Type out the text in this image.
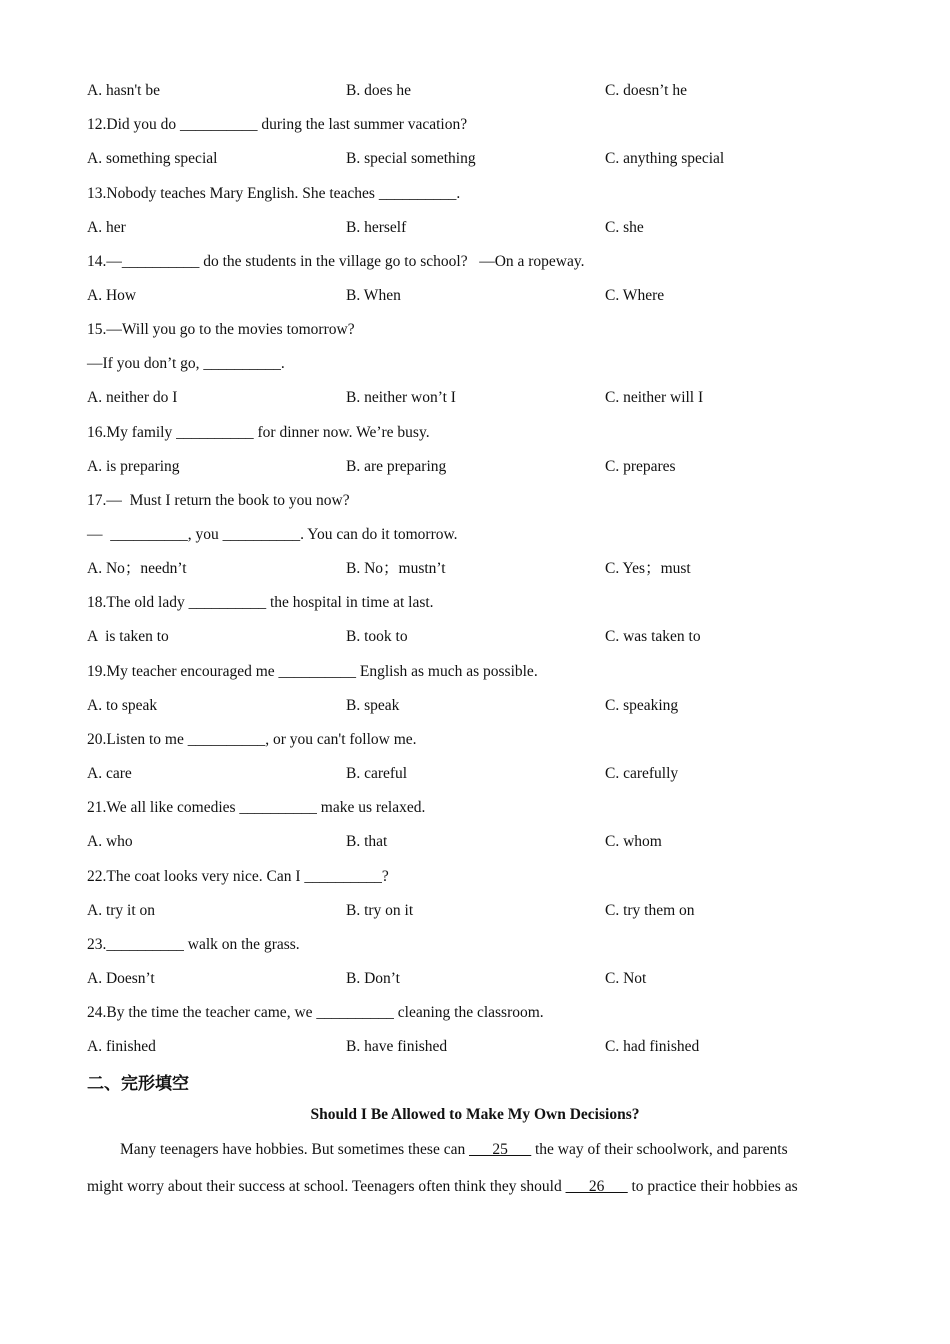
A. hasn't be	B. does he	C. doesn’t he
12.Did you do __________ during the last summer vacation?
A. something special	B. special something	C. anything special
13.Nobody teaches Mary English. She teaches __________.
A. her	B. herself	C. she
14.—__________ do the students in the village go to school?   —On a ropeway.
A. How	B. When	C. Where
15.—Will you go to the movies tomorrow?
—If you don’t go, __________.
A. neither do I	B. neither won’t I	C. neither will I
16.My family __________ for dinner now. We’re busy.
A. is preparing	B. are preparing	C. prepares
17.—  Must I return the book to you now?
—  __________, you __________. You can do it tomorrow.
A. No；needn’t	B. No；mustn’t	C. Yes；must
18.The old lady __________ the hospital in time at last.
A  is taken to	B. took to	C. was taken to
19.My teacher encouraged me __________ English as much as possible.
A. to speak	B. speak	C. speaking
20.Listen to me __________, or you can't follow me.
A. care	B. careful	C. carefully
21.We all like comedies __________ make us relaxed.
A. who	B. that	C. whom
22.The coat looks very nice. Can I __________?
A. try it on	B. try on it	C. try them on
23.__________ walk on the grass.
A. Doesn’t	B. Don’t	C. Not
24.By the time the teacher came, we __________ cleaning the classroom.
A. finished	B. have finished	C. had finished
二、完形填空
Should I Be Allowed to Make My Own Decisions?
Many teenagers have hobbies. But sometimes these can ___25___ the way of their schoolwork, and parents
might worry about their success at school. Teenagers often think they should ___26___ to practice their hobbies as
